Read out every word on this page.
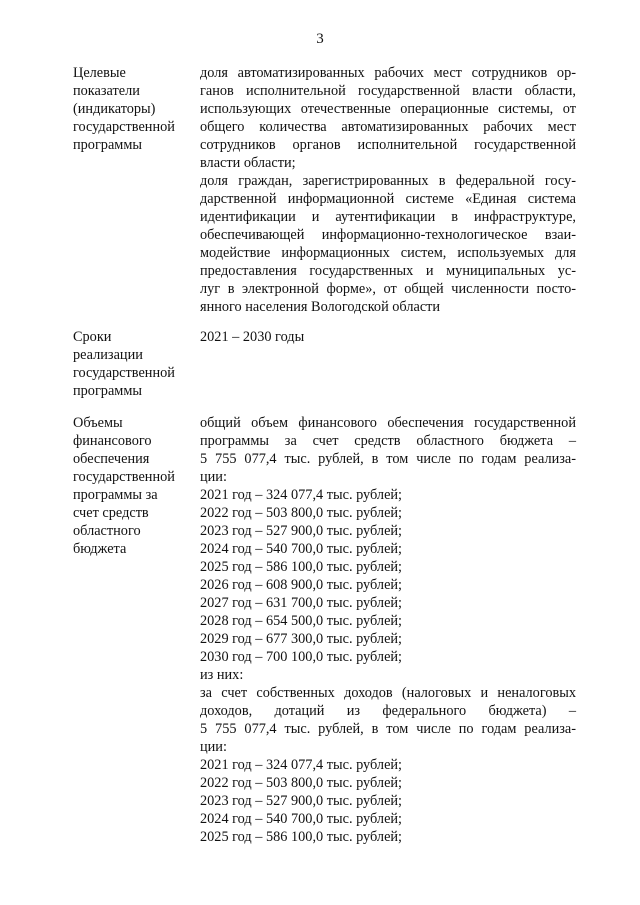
3
Целевые
показатели
(индикаторы)
государственной
программы
доля автоматизированных рабочих мест сотрудников ор-
ганов исполнительной государственной власти области,
использующих отечественные операционные системы, от
общего количества автоматизированных рабочих мест
сотрудников органов исполнительной государственной
власти области;
доля граждан, зарегистрированных в федеральной госу-
дарственной информационной системе «Единая система
идентификации и аутентификации в инфраструктуре,
обеспечивающей информационно-технологическое взаи-
модействие информационных систем, используемых для
предоставления государственных и муниципальных ус-
луг в электронной форме», от общей численности посто-
янного населения Вологодской области
Сроки
реализации
государственной
программы
2021 – 2030 годы
Объемы
финансового
обеспечения
государственной
программы за
счет средств
областного
бюджета
общий объем финансового обеспечения государственной
программы за счет средств областного бюджета –
5 755 077,4 тыс. рублей, в том числе по годам реализа-
ции:
2021 год – 324 077,4 тыс. рублей;
2022 год – 503 800,0 тыс. рублей;
2023 год – 527 900,0 тыс. рублей;
2024 год – 540 700,0 тыс. рублей;
2025 год – 586 100,0 тыс. рублей;
2026 год – 608 900,0 тыс. рублей;
2027 год – 631 700,0 тыс. рублей;
2028 год – 654 500,0 тыс. рублей;
2029 год – 677 300,0 тыс. рублей;
2030 год – 700 100,0 тыс. рублей;
из них:
за счет собственных доходов (налоговых и неналоговых
доходов, дотаций из федерального бюджета) –
5 755 077,4 тыс. рублей, в том числе по годам реализа-
ции:
2021 год – 324 077,4 тыс. рублей;
2022 год – 503 800,0 тыс. рублей;
2023 год – 527 900,0 тыс. рублей;
2024 год – 540 700,0 тыс. рублей;
2025 год – 586 100,0 тыс. рублей;
